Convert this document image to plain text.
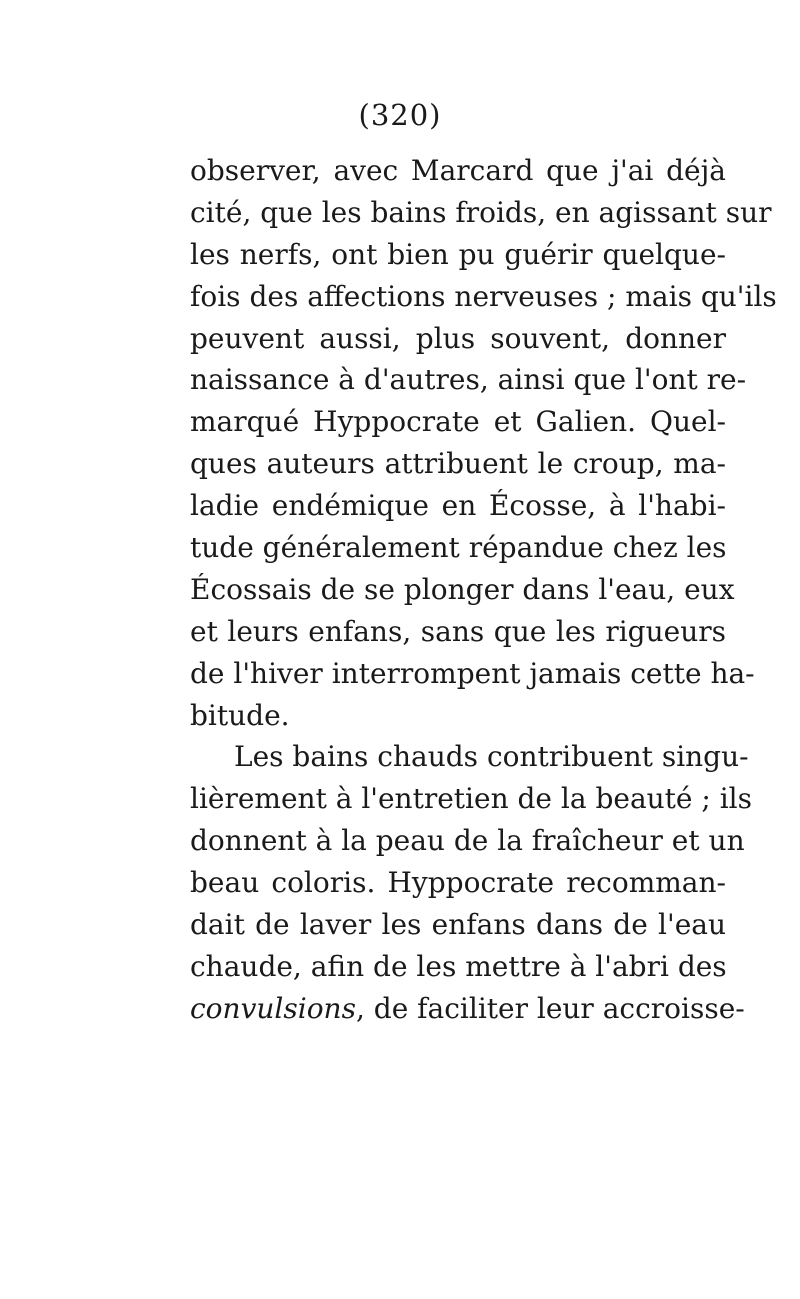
(320)
observer, avec Marcard que j'ai déjà
cité, que les bains froids, en agissant sur
les nerfs, ont bien pu guérir quelque-
fois des affections nerveuses ; mais qu'ils
peuvent aussi, plus souvent, donner
naissance à d'autres, ainsi que l'ont re-
marqué Hyppocrate et Galien. Quel-
ques auteurs attribuent le croup, ma-
ladie endémique en Écosse, à l'habi-
tude généralement répandue chez les
Écossais de se plonger dans l'eau, eux
et leurs enfans, sans que les rigueurs
de l'hiver interrompent jamais cette ha-
bitude.
Les bains chauds contribuent singu-
lièrement à l'entretien de la beauté ; ils
donnent à la peau de la fraîcheur et un
beau coloris. Hyppocrate recomman-
dait de laver les enfans dans de l'eau
chaude, afin de les mettre à l'abri des
convulsions, de faciliter leur accroisse-
